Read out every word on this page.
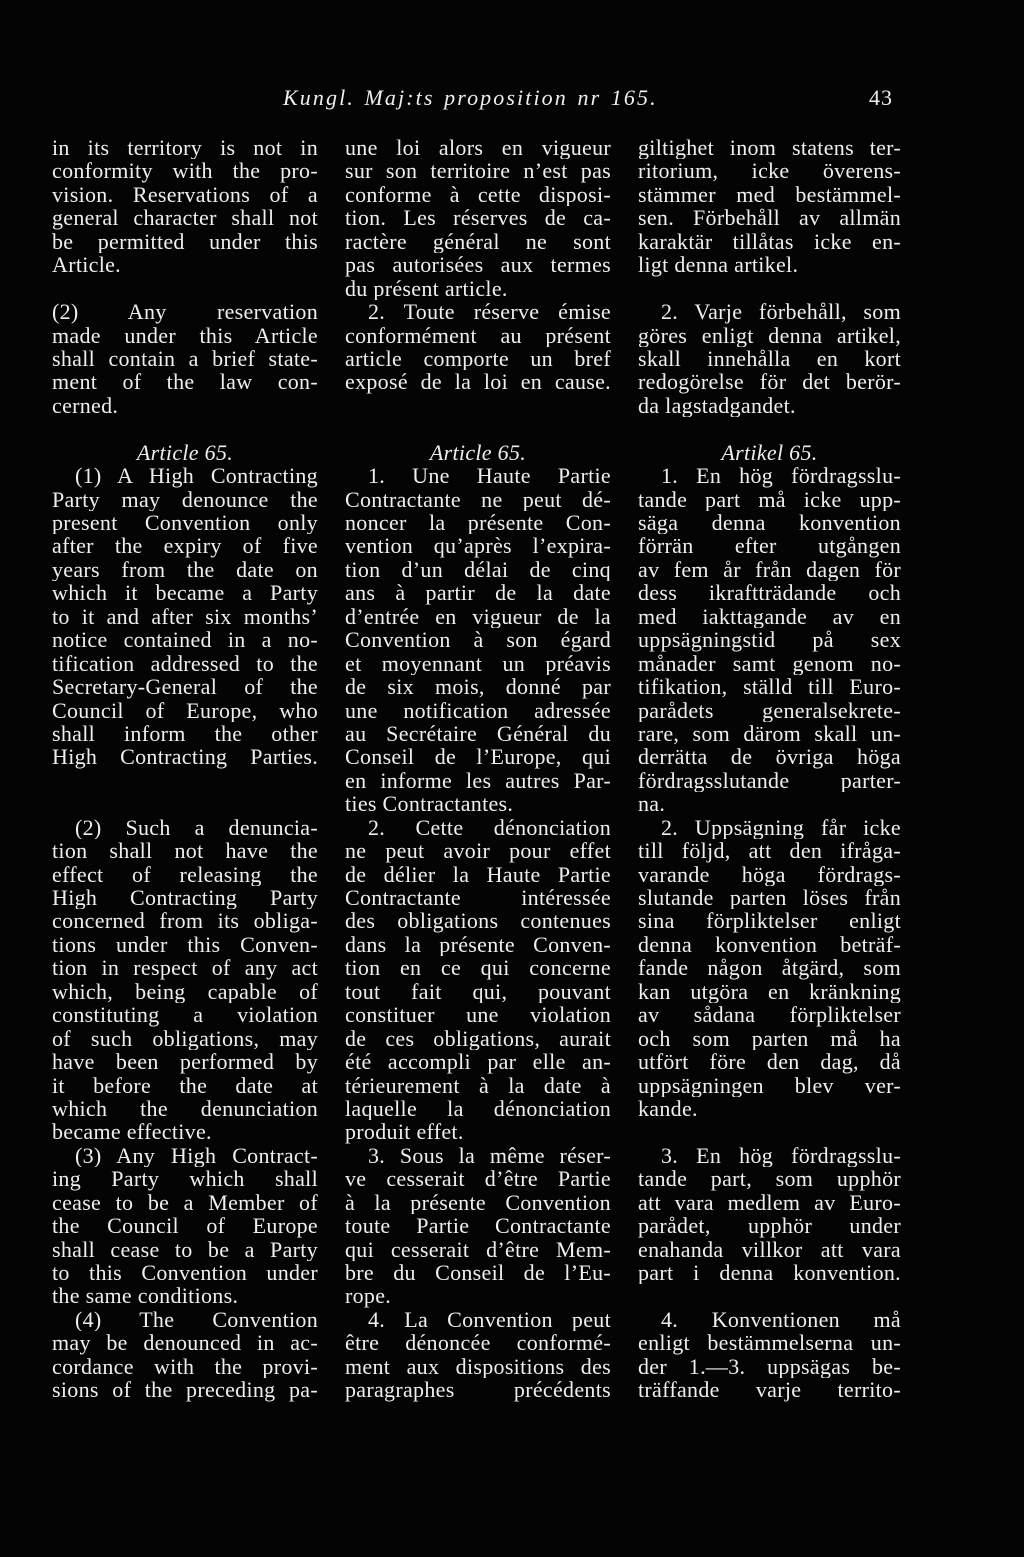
Kungl. Maj:ts proposition nr 165.	43
in its territory is not in
conformity with the pro-
vision. Reservations of a
general character shall not
be permitted under this
Article.
(2) Any reservation
made under this Article
shall contain a brief state-
ment of the law con-
cerned.
Article 65.
(1) A High Contracting
Party may denounce the
present Convention only
after the expiry of five
years from the date on
which it became a Party
to it and after six months’
notice contained in a no-
tification addressed to the
Secretary-General of the
Council of Europe, who
shall inform the other
High Contracting Parties.
(2) Such a denuncia-
tion shall not have the
effect of releasing the
High Contracting Party
concerned from its obliga-
tions under this Conven-
tion in respect of any act
which, being capable of
constituting a violation
of such obligations, may
have been performed by
it before the date at
which the denunciation
became effective.
(3) Any High Contract-
ing Party which shall
cease to be a Member of
the Council of Europe
shall cease to be a Party
to this Convention under
the same conditions.
(4) The Convention
may be denounced in ac-
cordance with the provi-
sions of the preceding pa-
une loi alors en vigueur
sur son territoire n’est pas
conforme à cette disposi-
tion. Les réserves de ca-
ractère général ne sont
pas autorisées aux termes
du présent article.
2. Toute réserve émise
conformément au présent
article comporte un bref
exposé de la loi en cause.
Article 65.
1. Une Haute Partie
Contractante ne peut dé-
noncer la présente Con-
vention qu’après l’expira-
tion d’un délai de cinq
ans à partir de la date
d’entrée en vigueur de la
Convention à son égard
et moyennant un préavis
de six mois, donné par
une notification adressée
au Secrétaire Général du
Conseil de l’Europe, qui
en informe les autres Par-
ties Contractantes.
2. Cette dénonciation
ne peut avoir pour effet
de délier la Haute Partie
Contractante intéressée
des obligations contenues
dans la présente Conven-
tion en ce qui concerne
tout fait qui, pouvant
constituer une violation
de ces obligations, aurait
été accompli par elle an-
térieurement à la date à
laquelle la dénonciation
produit effet.
3. Sous la même réser-
ve cesserait d’être Partie
à la présente Convention
toute Partie Contractante
qui cesserait d’être Mem-
bre du Conseil de l’Eu-
rope.
4. La Convention peut
être dénoncée conformé-
ment aux dispositions des
paragraphes précédents
giltighet inom statens ter-
ritorium, icke överens-
stämmer med bestämmel-
sen. Förbehåll av allmän
karaktär tillåtas icke en-
ligt denna artikel.
2. Varje förbehåll, som
göres enligt denna artikel,
skall innehålla en kort
redogörelse för det berör-
da lagstadgandet.
Artikel 65.
1. En hög fördragsslu-
tande part må icke upp-
säga denna konvention
förrän efter utgången
av fem år från dagen för
dess ikraftträdande och
med iakttagande av en
uppsägningstid på sex
månader samt genom no-
tifikation, ställd till Euro-
parådets generalsekrete-
rare, som därom skall un-
derrätta de övriga höga
fördragsslutande parter-
na.
2. Uppsägning får icke
till följd, att den ifråga-
varande höga fördrags-
slutande parten löses från
sina förpliktelser enligt
denna konvention beträf-
fande någon åtgärd, som
kan utgöra en kränkning
av sådana förpliktelser
och som parten må ha
utfört före den dag, då
uppsägningen blev ver-
kande.
3. En hög fördragsslu-
tande part, som upphör
att vara medlem av Euro-
parådet, upphör under
enahanda villkor att vara
part i denna konvention.
4. Konventionen må
enligt bestämmelserna un-
der 1.—3. uppsägas be-
träffande varje territo-
